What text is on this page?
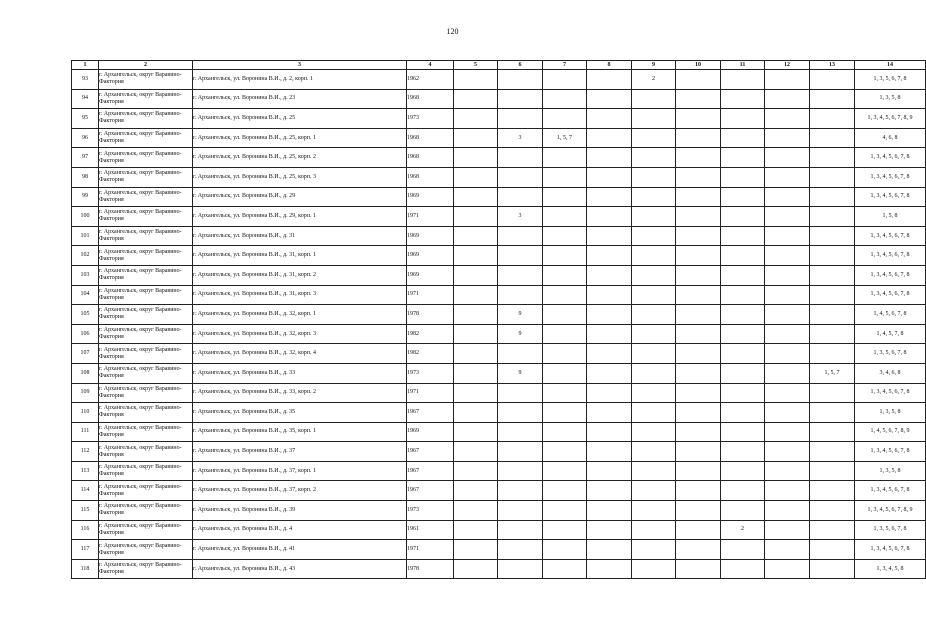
120
1	2	3	4	5	6	7	8	9	10	11	12	13	14
93	г. Архангельск, округ Варавино-Фактория	г. Архангельск, ул. Воронина В.И., д. 2, корп. 1	1962					2					1, 3, 5, 6, 7, 8
94	г. Архангельск, округ Варавино-Фактория	г. Архангельск, ул. Воронина В.И., д. 23	1968										1, 3, 5, 8
95	г. Архангельск, округ Варавино-Фактория	г. Архангельск, ул. Воронина В.И., д. 25	1973										1, 3, 4, 5, 6, 7, 8, 9
96	г. Архангельск, округ Варавино-Фактория	г. Архангельск, ул. Воронина В.И., д. 25, корп. 1	1968		3	1, 5, 7							4, 6, 8
97	г. Архангельск, округ Варавино-Фактория	г. Архангельск, ул. Воронина В.И., д. 25, корп. 2	1968										1, 3, 4, 5, 6, 7, 8
98	г. Архангельск, округ Варавино-Фактория	г. Архангельск, ул. Воронина В.И., д. 25, корп. 3	1968										1, 3, 4, 5, 6, 7, 8
99	г. Архангельск, округ Варавино-Фактория	г. Архангельск, ул. Воронина В.И., д. 29	1969										1, 3, 4, 5, 6, 7, 8
100	г. Архангельск, округ Варавино-Фактория	г. Архангельск, ул. Воронина В.И., д. 29, корп. 1	1971		3								1, 5, 8
101	г. Архангельск, округ Варавино-Фактория	г. Архангельск, ул. Воронина В.И., д. 31	1969										1, 3, 4, 5, 6, 7, 8
102	г. Архангельск, округ Варавино-Фактория	г. Архангельск, ул. Воронина В.И., д. 31, корп. 1	1969										1, 3, 4, 5, 6, 7, 8
103	г. Архангельск, округ Варавино-Фактория	г. Архангельск, ул. Воронина В.И., д. 31, корп. 2	1969										1, 3, 4, 5, 6, 7, 8
104	г. Архангельск, округ Варавино-Фактория	г. Архангельск, ул. Воронина В.И., д. 31, корп. 3	1971										1, 3, 4, 5, 6, 7, 8
105	г. Архангельск, округ Варавино-Фактория	г. Архангельск, ул. Воронина В.И., д. 32, корп. 1	1978		9								1, 4, 5, 6, 7, 8
106	г. Архангельск, округ Варавино-Фактория	г. Архангельск, ул. Воронина В.И., д. 32, корп. 3	1982		9								1, 4, 5, 7, 8
107	г. Архангельск, округ Варавино-Фактория	г. Архангельск, ул. Воронина В.И., д. 32, корп. 4	1982										1, 3, 5, 6, 7, 8
108	г. Архангельск, округ Варавино-Фактория	г. Архангельск, ул. Воронина В.И., д. 33	1973		9							1, 5, 7	3, 4, 6, 8
109	г. Архангельск, округ Варавино-Фактория	г. Архангельск, ул. Воронина В.И., д. 33, корп. 2	1971										1, 3, 4, 5, 6, 7, 8
110	г. Архангельск, округ Варавино-Фактория	г. Архангельск, ул. Воронина В.И., д. 35	1967										1, 3, 5, 8
111	г. Архангельск, округ Варавино-Фактория	г. Архангельск, ул. Воронина В.И., д. 35, корп. 1	1969										1, 4, 5, 6, 7, 8, 9
112	г. Архангельск, округ Варавино-Фактория	г. Архангельск, ул. Воронина В.И., д. 37	1967										1, 3, 4, 5, 6, 7, 8
113	г. Архангельск, округ Варавино-Фактория	г. Архангельск, ул. Воронина В.И., д. 37, корп. 1	1967										1, 3, 5, 8
114	г. Архангельск, округ Варавино-Фактория	г. Архангельск, ул. Воронина В.И., д. 37, корп. 2	1967										1, 3, 4, 5, 6, 7, 8
115	г. Архангельск, округ Варавино-Фактория	г. Архангельск, ул. Воронина В.И., д. 39	1973										1, 3, 4, 5, 6, 7, 8, 9
116	г. Архангельск, округ Варавино-Фактория	г. Архангельск, ул. Воронина В.И., д. 4	1961							2			1, 3, 5, 6, 7, 8
117	г. Архангельск, округ Варавино-Фактория	г. Архангельск, ул. Воронина В.И., д. 41	1971										1, 3, 4, 5, 6, 7, 8
118	г. Архангельск, округ Варавино-Фактория	г. Архангельск, ул. Воронина В.И., д. 43	1978										1, 3, 4, 5, 8
